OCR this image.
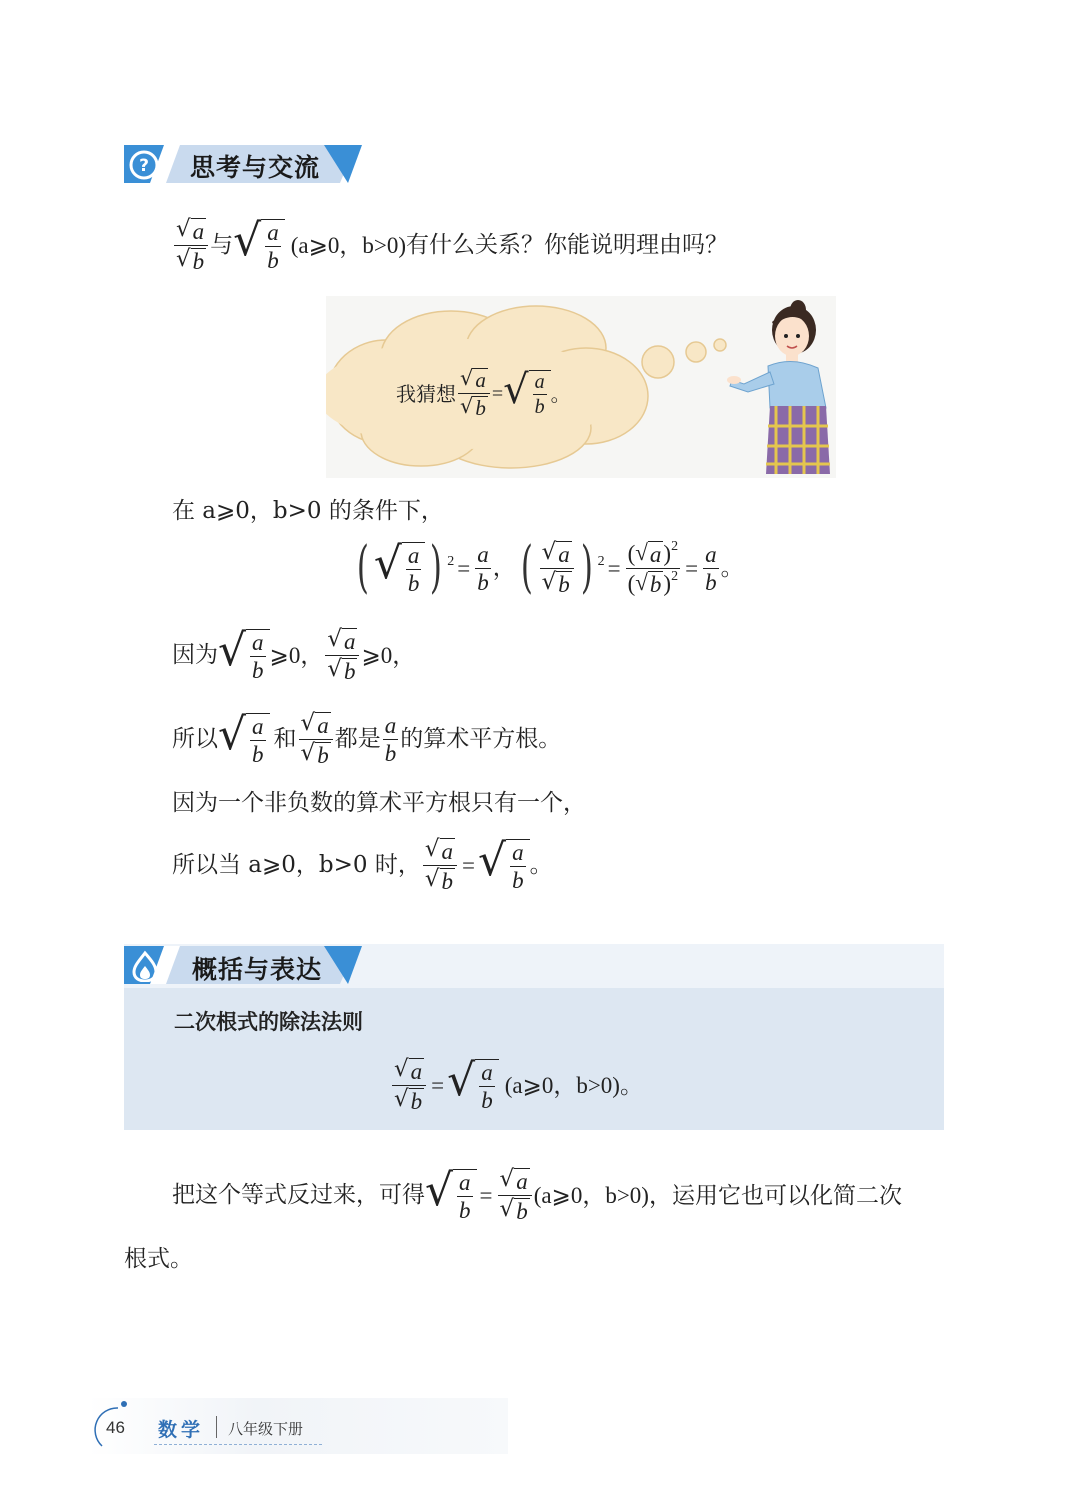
? 思考与交流
$\frac{√ a}{√ b}$ 与 √ $\frac{a}{b}$ (a⩾0，b>0) 有什么关系？你能说明理由吗？
我猜想 $\frac{√ a}{√ b}$ = √ $\frac{a}{b}$ 。
在 a⩾0，b>0 的条件下，
( √ $\frac{a}{b}$ ) $^2 = \frac{a}{b}$ ， ( $\frac{√ a}{√ b}$ ) $^2 = \frac{( √ a )^2}{( √ b )^2} = \frac{a}{b}$ 。
因为 √ $\frac{a}{b}$ ⩾0， $\frac{√ a}{√ b}$ ⩾0，
所以 √ $\frac{a}{b}$ 和 $\frac{√ a}{√ b}$ 都是 $\frac{a}{b}$ 的算术平方根。
因为一个非负数的算术平方根只有一个，
所以当 a⩾0，b>0 时， $\frac{√ a}{√ b}$ = √ $\frac{a}{b}$ 。
概括与表达
二次根式的除法法则
$\frac{√ a}{√ b}$ = √ $\frac{a}{b}$ (a⩾0，b>0)。
把这个等式反过来，可得 √ $\frac{a}{b} = \frac{√ a}{√ b}$ (a⩾0，b>0)，运用它也可以化简二次
根式。
46 数学 八年级下册
